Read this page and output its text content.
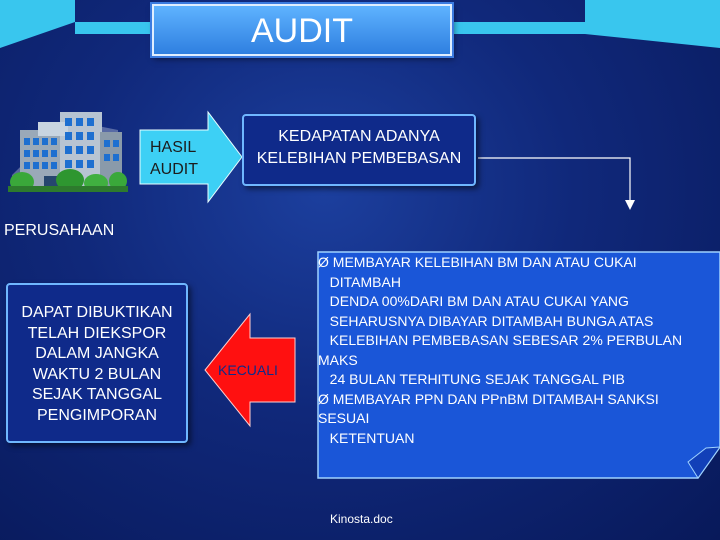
AUDIT
HASIL
AUDIT
KEDAPATAN ADANYA
KELEBIHAN PEMBEBASAN
PERUSAHAAN
DAPAT DIBUKTIKAN
TELAH DIEKSPOR
DALAM JANGKA
WAKTU 2 BULAN
SEJAK TANGGAL
PENGIMPORAN
KECUALI
Ø MEMBAYAR KELEBIHAN BM DAN ATAU CUKAI
DITAMBAH
DENDA 00%DARI BM DAN ATAU CUKAI YANG
SEHARUSNYA DIBAYAR DITAMBAH BUNGA ATAS
KELEBIHAN PEMBEBASAN SEBESAR 2% PERBULAN
MAKS
24 BULAN TERHITUNG SEJAK TANGGAL PIB
Ø MEMBAYAR PPN DAN PPnBM DITAMBAH SANKSI
SESUAI
KETENTUAN
Kinosta.doc
